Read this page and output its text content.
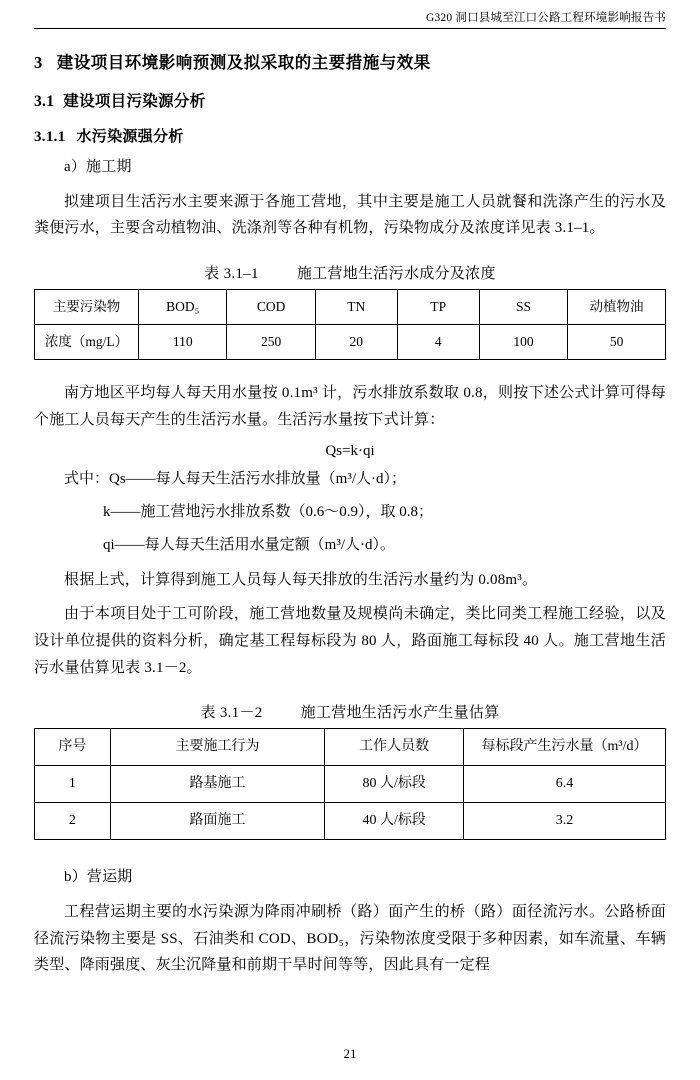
G320 洞口县城至江口公路工程环境影响报告书
3 建设项目环境影响预测及拟采取的主要措施与效果
3.1 建设项目污染源分析
3.1.1 水污染源强分析

a）施工期

拟建项目生活污水主要来源于各施工营地，其中主要是施工人员就餐和洗涤产生的污水及粪便污水，主要含动植物油、洗涤剂等各种有机物，污染物成分及浓度详见表 3.1–1。

表 3.1–1	施工营地生活污水成分及浓度
主要污染物	BOD₅	COD	TN	TP	SS	动植物油
浓度（mg/L）	110	250	20	4	100	50

南方地区平均每人每天用水量按 0.1m³ 计，污水排放系数取 0.8，则按下述公式计算可得每个施工人员每天产生的生活污水量。生活污水量按下式计算：

Qs=k·qi

式中：Qs——每人每天生活污水排放量（m³/人·d）；

k——施工营地污水排放系数（0.6～0.9），取 0.8；

qi——每人每天生活用水量定额（m³/人·d）。

根据上式，计算得到施工人员每人每天排放的生活污水量约为 0.08m³。

由于本项目处于工可阶段，施工营地数量及规模尚未确定，类比同类工程施工经验，以及设计单位提供的资料分析，确定基工程每标段为 80 人，路面施工每标段 40 人。施工营地生活污水量估算见表 3.1－2。

表 3.1－2	施工营地生活污水产生量估算
序号	主要施工行为	工作人员数	每标段产生污水量（m³/d）
1	路基施工	80 人/标段	6.4
2	路面施工	40 人/标段	3.2

b）营运期

工程营运期主要的水污染源为降雨冲刷桥（路）面产生的桥（路）面径流污水。公路桥面径流污染物主要是 SS、石油类和 COD、BOD₅，污染物浓度受限于多种因素，如车流量、车辆类型、降雨强度、灰尘沉降量和前期干旱时间等等，因此具有一定程

21
